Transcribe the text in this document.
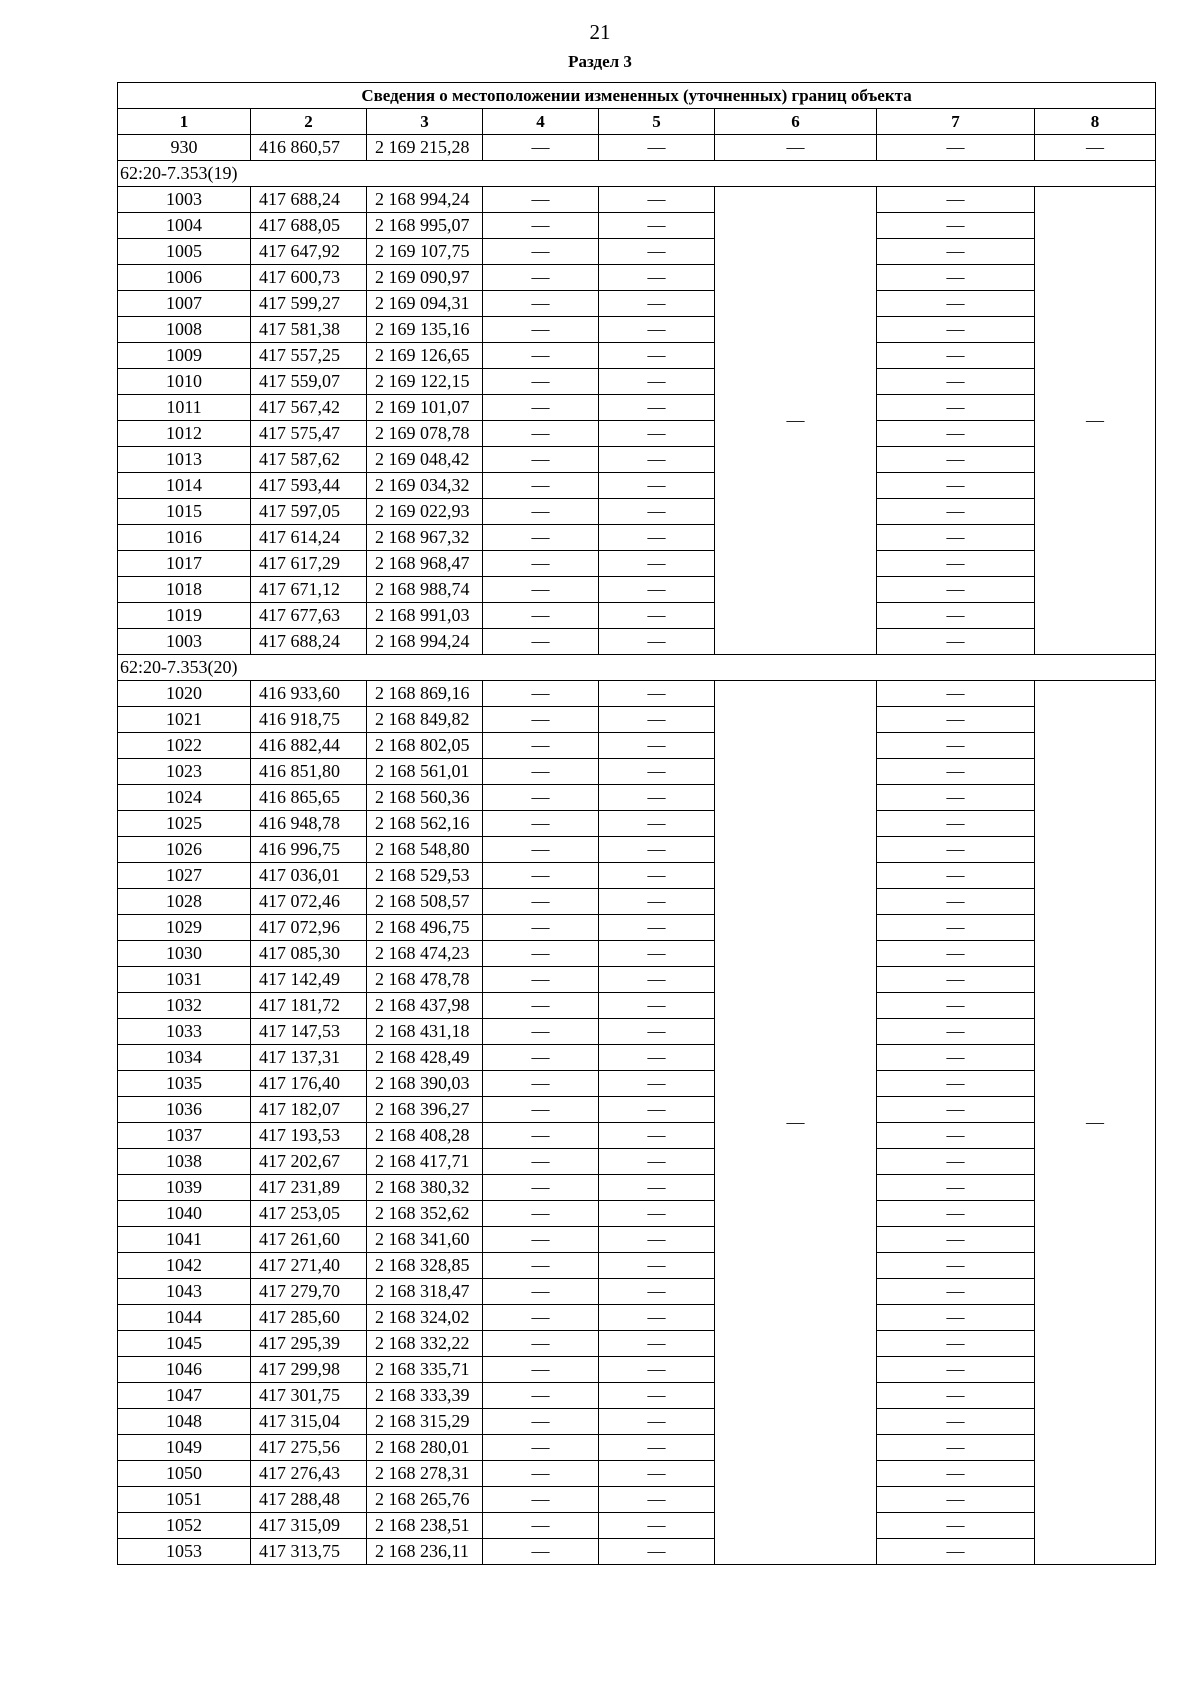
21
Раздел 3
Сведения о местоположении измененных (уточненных) границ объекта							
1	2	3	4	5	6	7	8
930	416 860,57	2 169 215,28	—	—	—	—	—
62:20-7.353(19)							
1003	417 688,24	2 168 994,24	—	—	—	—	—
1004	417 688,05	2 168 995,07	—	—		—	
1005	417 647,92	2 169 107,75	—	—		—	
1006	417 600,73	2 169 090,97	—	—		—	
1007	417 599,27	2 169 094,31	—	—		—	
1008	417 581,38	2 169 135,16	—	—		—	
1009	417 557,25	2 169 126,65	—	—		—	
1010	417 559,07	2 169 122,15	—	—		—	
1011	417 567,42	2 169 101,07	—	—		—	
1012	417 575,47	2 169 078,78	—	—		—	
1013	417 587,62	2 169 048,42	—	—		—	
1014	417 593,44	2 169 034,32	—	—		—	
1015	417 597,05	2 169 022,93	—	—		—	
1016	417 614,24	2 168 967,32	—	—		—	
1017	417 617,29	2 168 968,47	—	—		—	
1018	417 671,12	2 168 988,74	—	—		—	
1019	417 677,63	2 168 991,03	—	—		—	
1003	417 688,24	2 168 994,24	—	—		—	
62:20-7.353(20)							
1020	416 933,60	2 168 869,16	—	—	—	—	—
1021	416 918,75	2 168 849,82	—	—		—	
1022	416 882,44	2 168 802,05	—	—		—	
1023	416 851,80	2 168 561,01	—	—		—	
1024	416 865,65	2 168 560,36	—	—		—	
1025	416 948,78	2 168 562,16	—	—		—	
1026	416 996,75	2 168 548,80	—	—		—	
1027	417 036,01	2 168 529,53	—	—		—	
1028	417 072,46	2 168 508,57	—	—		—	
1029	417 072,96	2 168 496,75	—	—		—	
1030	417 085,30	2 168 474,23	—	—		—	
1031	417 142,49	2 168 478,78	—	—		—	
1032	417 181,72	2 168 437,98	—	—		—	
1033	417 147,53	2 168 431,18	—	—		—	
1034	417 137,31	2 168 428,49	—	—		—	
1035	417 176,40	2 168 390,03	—	—		—	
1036	417 182,07	2 168 396,27	—	—		—	
1037	417 193,53	2 168 408,28	—	—		—	
1038	417 202,67	2 168 417,71	—	—		—	
1039	417 231,89	2 168 380,32	—	—		—	
1040	417 253,05	2 168 352,62	—	—		—	
1041	417 261,60	2 168 341,60	—	—		—	
1042	417 271,40	2 168 328,85	—	—		—	
1043	417 279,70	2 168 318,47	—	—		—	
1044	417 285,60	2 168 324,02	—	—		—	
1045	417 295,39	2 168 332,22	—	—		—	
1046	417 299,98	2 168 335,71	—	—		—	
1047	417 301,75	2 168 333,39	—	—		—	
1048	417 315,04	2 168 315,29	—	—		—	
1049	417 275,56	2 168 280,01	—	—		—	
1050	417 276,43	2 168 278,31	—	—		—	
1051	417 288,48	2 168 265,76	—	—		—	
1052	417 315,09	2 168 238,51	—	—		—	
1053	417 313,75	2 168 236,11	—	—		—	
